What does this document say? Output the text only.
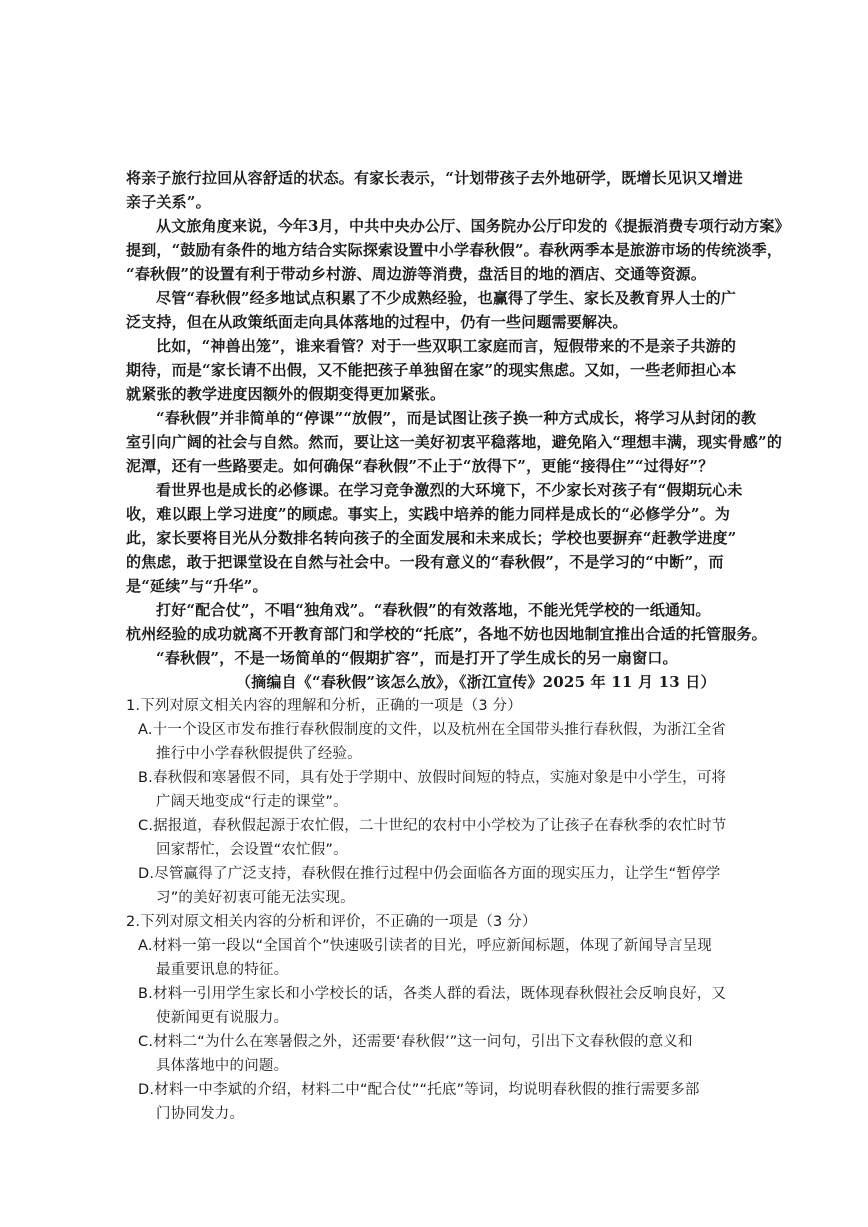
将亲子旅行拉回从容舒适的状态。有家长表示，“计划带孩子去外地研学，既增长见识又增进
亲子关系”。
从文旅角度来说，今年3月，中共中央办公厅、国务院办公厅印发的《提振消费专项行动方案》
提到，“鼓励有条件的地方结合实际探索设置中小学春秋假”。春秋两季本是旅游市场的传统淡季，
“春秋假”的设置有利于带动乡村游、周边游等消费，盘活目的地的酒店、交通等资源。
尽管“春秋假”经多地试点积累了不少成熟经验，也赢得了学生、家长及教育界人士的广
泛支持，但在从政策纸面走向具体落地的过程中，仍有一些问题需要解决。
比如，“神兽出笼”，谁来看管？对于一些双职工家庭而言，短假带来的不是亲子共游的
期待，而是“家长请不出假，又不能把孩子单独留在家”的现实焦虑。又如，一些老师担心本
就紧张的教学进度因额外的假期变得更加紧张。
“春秋假”并非简单的“停课”“放假”，而是试图让孩子换一种方式成长，将学习从封闭的教
室引向广阔的社会与自然。然而，要让这一美好初衷平稳落地，避免陷入“理想丰满，现实骨感”的
泥潭，还有一些路要走。如何确保“春秋假”不止于“放得下”，更能“接得住”“过得好”？
看世界也是成长的必修课。在学习竞争激烈的大环境下，不少家长对孩子有“假期玩心未
收，难以跟上学习进度”的顾虑。事实上，实践中培养的能力同样是成长的“必修学分”。为
此，家长要将目光从分数排名转向孩子的全面发展和未来成长；学校也要摒弃“赶教学进度”
的焦虑，敢于把课堂设在自然与社会中。一段有意义的“春秋假”，不是学习的“中断”，而
是“延续”与“升华”。
打好“配合仗”，不唱“独角戏”。“春秋假”的有效落地，不能光凭学校的一纸通知。
杭州经验的成功就离不开教育部门和学校的“托底”，各地不妨也因地制宜推出合适的托管服务。
“春秋假”，不是一场简单的“假期扩容”，而是打开了学生成长的另一扇窗口。
（摘编自《“春秋假”该怎么放》，《浙江宣传》2025 年 11 月 13 日）
1.下列对原文相关内容的理解和分析，正确的一项是（3 分）
A.十一个设区市发布推行春秋假制度的文件，以及杭州在全国带头推行春秋假，为浙江全省
推行中小学春秋假提供了经验。
B.春秋假和寒暑假不同，具有处于学期中、放假时间短的特点，实施对象是中小学生，可将
广阔天地变成“行走的课堂”。
C.据报道，春秋假起源于农忙假，二十世纪的农村中小学校为了让孩子在春秋季的农忙时节
回家帮忙，会设置“农忙假”。
D.尽管赢得了广泛支持，春秋假在推行过程中仍会面临各方面的现实压力，让学生“暂停学
习”的美好初衷可能无法实现。
2.下列对原文相关内容的分析和评价，不正确的一项是（3 分）
A.材料一第一段以“全国首个”快速吸引读者的目光，呼应新闻标题，体现了新闻导言呈现
最重要讯息的特征。
B.材料一引用学生家长和小学校长的话，各类人群的看法，既体现春秋假社会反响良好，又
使新闻更有说服力。
C.材料二“为什么在寒暑假之外，还需要‘春秋假’”这一问句，引出下文春秋假的意义和
具体落地中的问题。
D.材料一中李斌的介绍，材料二中“配合仗”“托底”等词，均说明春秋假的推行需要多部
门协同发力。
